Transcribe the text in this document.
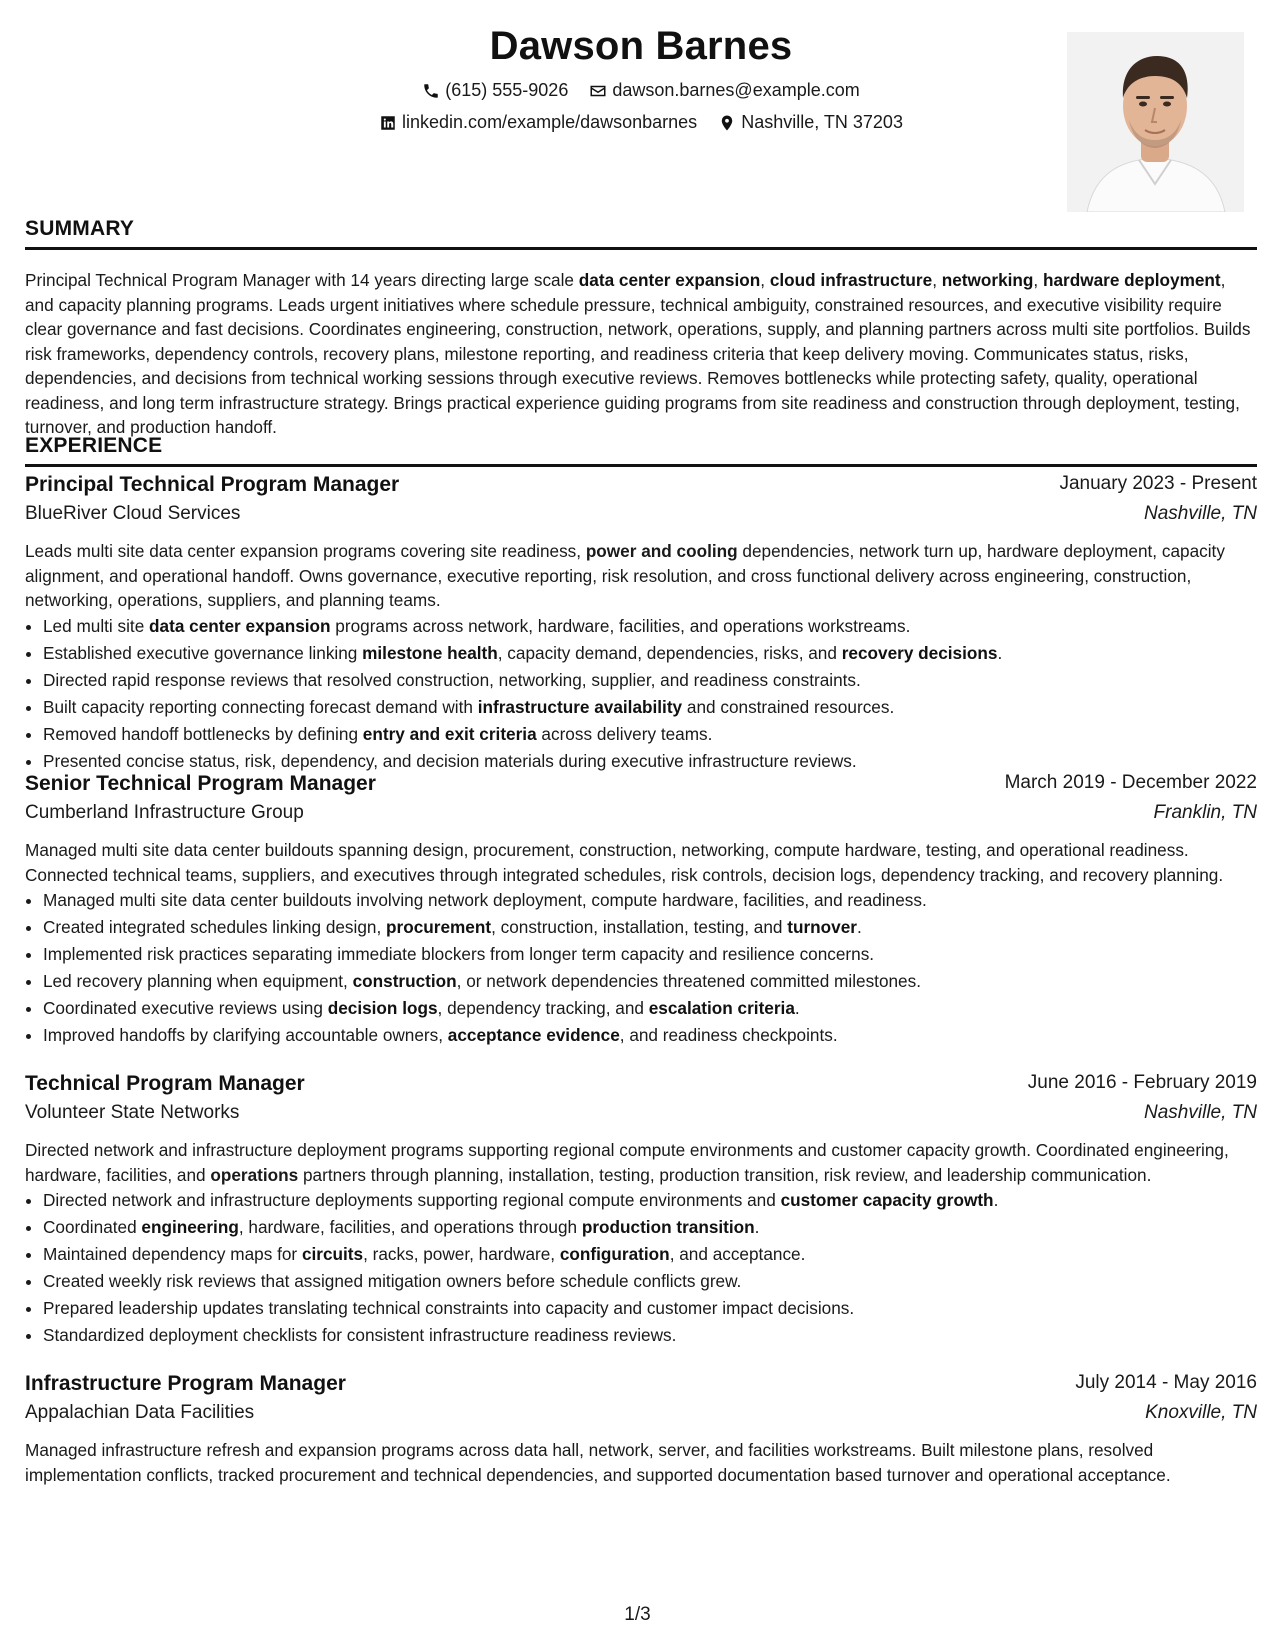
Dawson Barnes
(615) 555-9026
dawson.barnes@example.com
linkedin.com/example/dawsonbarnes
Nashville, TN 37203
SUMMARY
Principal Technical Program Manager with 14 years directing large scale data center expansion, cloud infrastructure, networking, hardware deployment, and capacity planning programs. Leads urgent initiatives where schedule pressure, technical ambiguity, constrained resources, and executive visibility require clear governance and fast decisions. Coordinates engineering, construction, network, operations, supply, and planning partners across multi site portfolios. Builds risk frameworks, dependency controls, recovery plans, milestone reporting, and readiness criteria that keep delivery moving. Communicates status, risks, dependencies, and decisions from technical working sessions through executive reviews. Removes bottlenecks while protecting safety, quality, operational readiness, and long term infrastructure strategy. Brings practical experience guiding programs from site readiness and construction through deployment, testing, turnover, and production handoff.
EXPERIENCE
Principal Technical Program Manager	January 2023 - Present
BlueRiver Cloud Services	Nashville, TN
Leads multi site data center expansion programs covering site readiness, power and cooling dependencies, network turn up, hardware deployment, capacity alignment, and operational handoff. Owns governance, executive reporting, risk resolution, and cross functional delivery across engineering, construction, networking, operations, suppliers, and planning teams.
• Led multi site data center expansion programs across network, hardware, facilities, and operations workstreams.
• Established executive governance linking milestone health, capacity demand, dependencies, risks, and recovery decisions.
• Directed rapid response reviews that resolved construction, networking, supplier, and readiness constraints.
• Built capacity reporting connecting forecast demand with infrastructure availability and constrained resources.
• Removed handoff bottlenecks by defining entry and exit criteria across delivery teams.
• Presented concise status, risk, dependency, and decision materials during executive infrastructure reviews.
Senior Technical Program Manager	March 2019 - December 2022
Cumberland Infrastructure Group	Franklin, TN
Managed multi site data center buildouts spanning design, procurement, construction, networking, compute hardware, testing, and operational readiness. Connected technical teams, suppliers, and executives through integrated schedules, risk controls, decision logs, dependency tracking, and recovery planning.
• Managed multi site data center buildouts involving network deployment, compute hardware, facilities, and readiness.
• Created integrated schedules linking design, procurement, construction, installation, testing, and turnover.
• Implemented risk practices separating immediate blockers from longer term capacity and resilience concerns.
• Led recovery planning when equipment, construction, or network dependencies threatened committed milestones.
• Coordinated executive reviews using decision logs, dependency tracking, and escalation criteria.
• Improved handoffs by clarifying accountable owners, acceptance evidence, and readiness checkpoints.
Technical Program Manager	June 2016 - February 2019
Volunteer State Networks	Nashville, TN
Directed network and infrastructure deployment programs supporting regional compute environments and customer capacity growth. Coordinated engineering, hardware, facilities, and operations partners through planning, installation, testing, production transition, risk review, and leadership communication.
• Directed network and infrastructure deployments supporting regional compute environments and customer capacity growth.
• Coordinated engineering, hardware, facilities, and operations through production transition.
• Maintained dependency maps for circuits, racks, power, hardware, configuration, and acceptance.
• Created weekly risk reviews that assigned mitigation owners before schedule conflicts grew.
• Prepared leadership updates translating technical constraints into capacity and customer impact decisions.
• Standardized deployment checklists for consistent infrastructure readiness reviews.
Infrastructure Program Manager	July 2014 - May 2016
Appalachian Data Facilities	Knoxville, TN
Managed infrastructure refresh and expansion programs across data hall, network, server, and facilities workstreams. Built milestone plans, resolved implementation conflicts, tracked procurement and technical dependencies, and supported documentation based turnover and operational acceptance.
1/3
